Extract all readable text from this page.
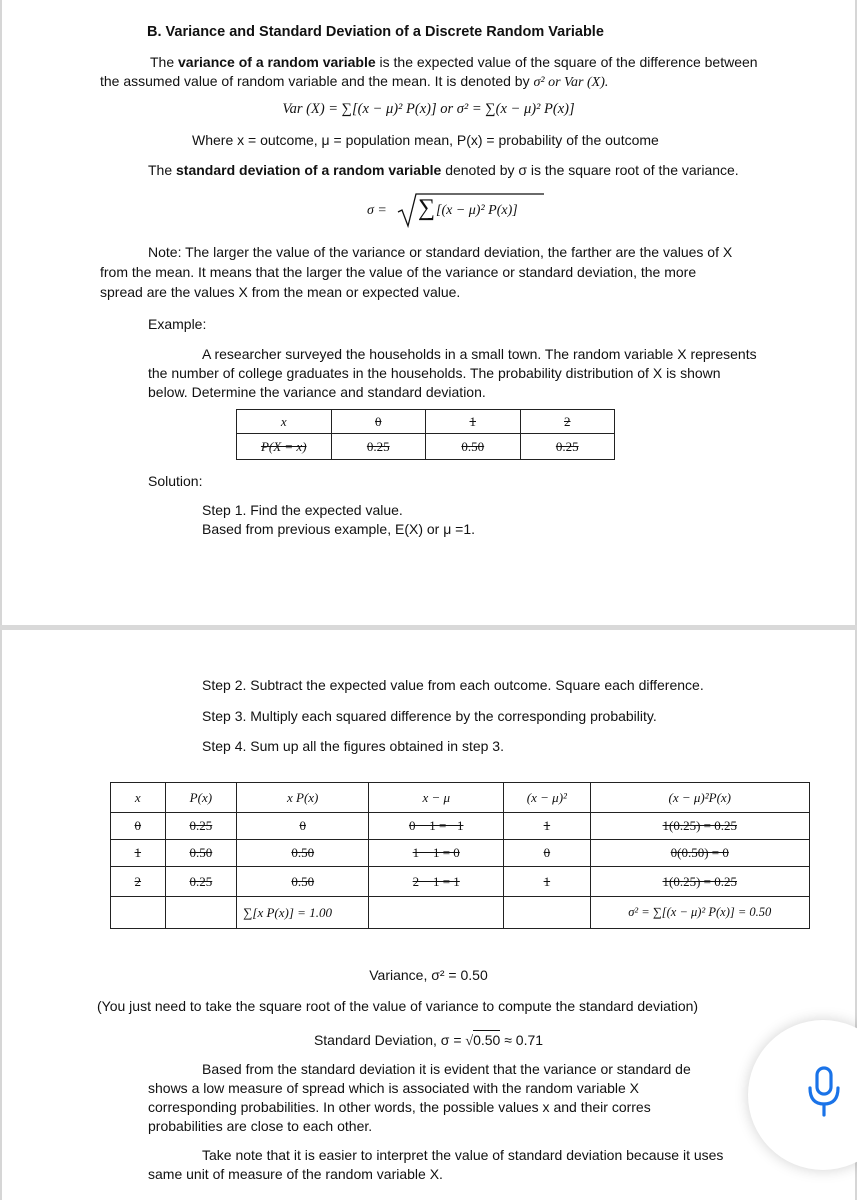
B. Variance and Standard Deviation of a Discrete Random Variable
The variance of a random variable is the expected value of the square of the difference between
the assumed value of random variable and the mean. It is denoted by σ² or Var (X).
Var (X) = ∑[(x − μ)² P(x)] or σ² = ∑(x − μ)² P(x)]
Where x = outcome, μ = population mean, P(x) = probability of the outcome
The standard deviation of a random variable denoted by σ is the square root of the variance.
σ = ∑ [(x − μ)² P(x)]
Note: The larger the value of the variance or standard deviation, the farther are the values of X
from the mean. It means that the larger the value of the variance or standard deviation, the more
spread are the values X from the mean or expected value.
Example:
A researcher surveyed the households in a small town. The random variable X represents
the number of college graduates in the households. The probability distribution of X is shown
below. Determine the variance and standard deviation.
x	0	1	2
P(X = x)	0.25	0.50	0.25
Solution:
Step 1. Find the expected value.
Based from previous example, E(X) or μ =1.
Step 2. Subtract the expected value from each outcome. Square each difference.
Step 3. Multiply each squared difference by the corresponding probability.
Step 4. Sum up all the figures obtained in step 3.
x	P(x)	x P(x)	x − μ	(x − μ)²	(x − μ)²P(x)
0	0.25	0	0 − 1 = −1	1	1(0.25) = 0.25
1	0.50	0.50	1 − 1 = 0	0	0(0.50) = 0
2	0.25	0.50	2 − 1 = 1	1	1(0.25) = 0.25
		∑[x P(x)] = 1.00			σ² = ∑[(x − μ)² P(x)] = 0.50
Variance, σ² = 0.50
(You just need to take the square root of the value of variance to compute the standard deviation)
Standard Deviation, σ = √0.50 ≈ 0.71
Based from the standard deviation it is evident that the variance or standard de
shows a low measure of spread which is associated with the random variable X
corresponding probabilities. In other words, the possible values x and their corres
probabilities are close to each other.
Take note that it is easier to interpret the value of standard deviation because it uses
same unit of measure of the random variable X.
